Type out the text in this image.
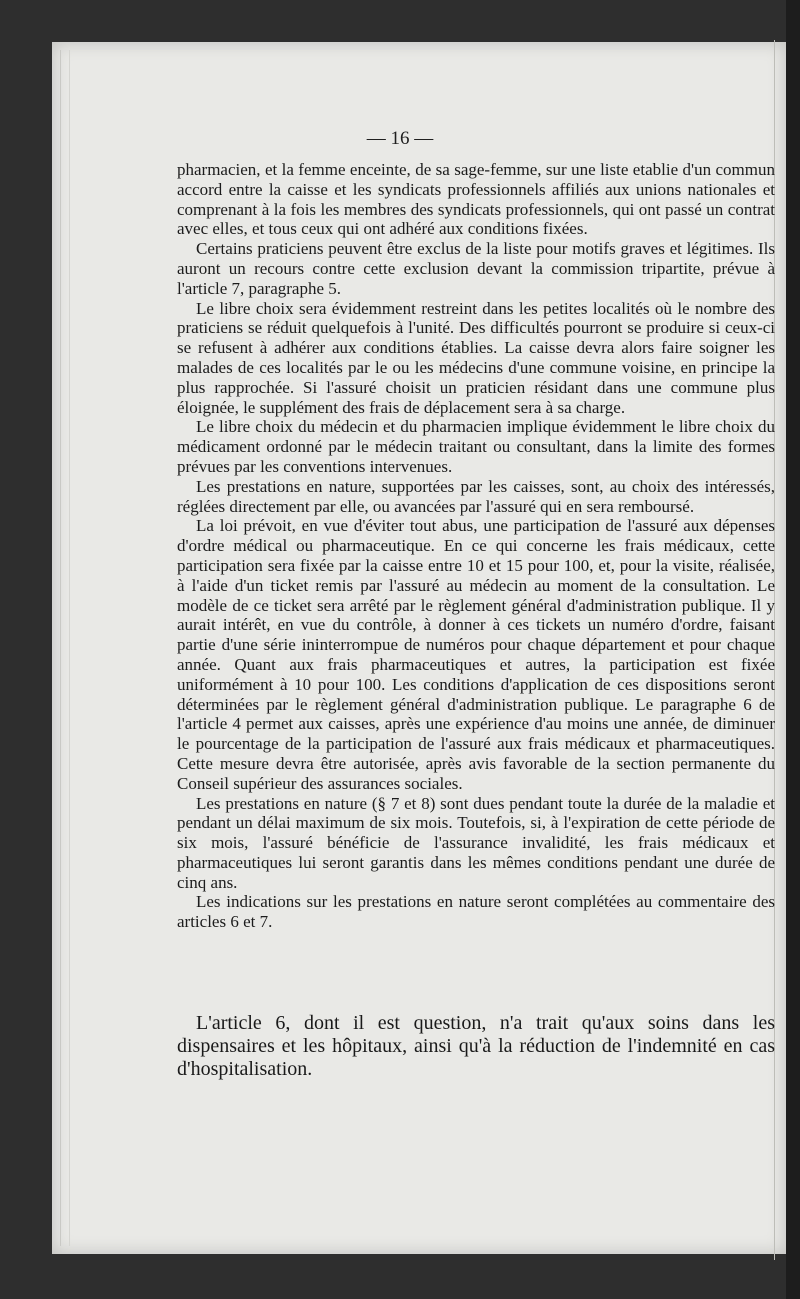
— 16 —

pharmacien, et la femme enceinte, de sa sage-femme, sur une liste etablie d'un commun accord entre la caisse et les syndicats professionnels affiliés aux unions nationales et comprenant à la fois les membres des syndicats professionnels, qui ont passé un contrat avec elles, et tous ceux qui ont adhéré aux conditions fixées.

Certains praticiens peuvent être exclus de la liste pour motifs graves et légitimes. Ils auront un recours contre cette exclusion devant la commission tripartite, prévue à l'article 7, paragraphe 5.

Le libre choix sera évidemment restreint dans les petites localités où le nombre des praticiens se réduit quelquefois à l'unité. Des difficultés pourront se produire si ceux-ci se refusent à adhérer aux conditions établies. La caisse devra alors faire soigner les malades de ces localités par le ou les médecins d'une commune voisine, en principe la plus rapprochée. Si l'assuré choisit un praticien résidant dans une commune plus éloignée, le supplément des frais de déplacement sera à sa charge.

Le libre choix du médecin et du pharmacien implique évidemment le libre choix du médicament ordonné par le médecin traitant ou consultant, dans la limite des formes prévues par les conventions intervenues.

Les prestations en nature, supportées par les caisses, sont, au choix des intéressés, réglées directement par elle, ou avancées par l'assuré qui en sera remboursé.

La loi prévoit, en vue d'éviter tout abus, une participation de l'assuré aux dépenses d'ordre médical ou pharmaceutique. En ce qui concerne les frais médicaux, cette participation sera fixée par la caisse entre 10 et 15 pour 100, et, pour la visite, réalisée, à l'aide d'un ticket remis par l'assuré au médecin au moment de la consultation. Le modèle de ce ticket sera arrêté par le règlement général d'administration publique. Il y aurait intérêt, en vue du contrôle, à donner à ces tickets un numéro d'ordre, faisant partie d'une série ininterrompue de numéros pour chaque département et pour chaque année. Quant aux frais pharmaceutiques et autres, la participation est fixée uniformément à 10 pour 100. Les conditions d'application de ces dispositions seront déterminées par le règlement général d'administration publique. Le paragraphe 6 de l'article 4 permet aux caisses, après une expérience d'au moins une année, de diminuer le pourcentage de la participation de l'assuré aux frais médicaux et pharmaceutiques. Cette mesure devra être autorisée, après avis favorable de la section permanente du Conseil supérieur des assurances sociales.

Les prestations en nature (§ 7 et 8) sont dues pendant toute la durée de la maladie et pendant un délai maximum de six mois. Toutefois, si, à l'expiration de cette période de six mois, l'assuré bénéficie de l'assurance invalidité, les frais médicaux et pharmaceutiques lui seront garantis dans les mêmes conditions pendant une durée de cinq ans.

Les indications sur les prestations en nature seront complétées au commentaire des articles 6 et 7.

L'article 6, dont il est question, n'a trait qu'aux soins dans les dispensaires et les hôpitaux, ainsi qu'à la réduction de l'indemnité en cas d'hospitalisation.
